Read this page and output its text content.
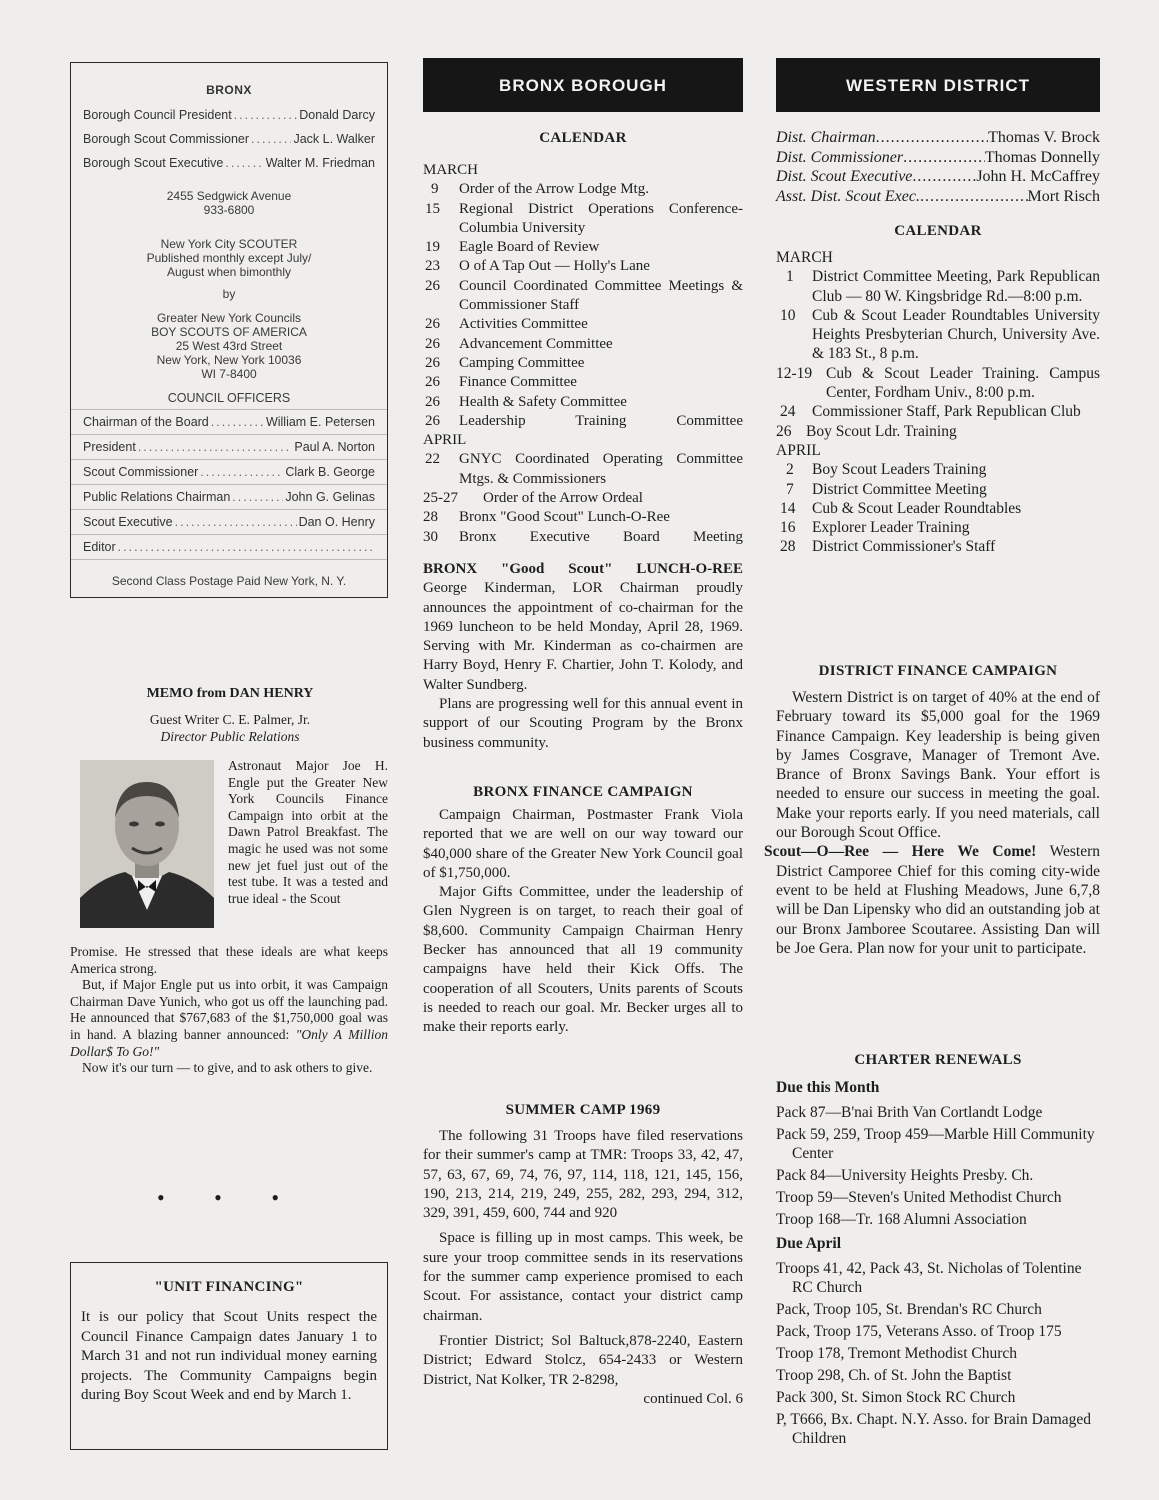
BRONX
Borough Council President .....	Donald Darcy
Borough Scout Commissioner .....	Jack L. Walker
Borough Scout Executive .....	Walter M. Friedman
2455 Sedgwick Avenue
933-6800
New York City SCOUTER
Published monthly except July/
August when bimonthly
by
Greater New York Councils
BOY SCOUTS OF AMERICA
25 West 43rd Street
New York, New York 10036
WI 7-8400
COUNCIL OFFICERS
Chairman of the Board .....	William E. Petersen
President .....	Paul A. Norton
Scout Commissioner .....	Clark B. George
Public Relations Chairman .....	John G. Gelinas
Scout Executive .....	Dan O. Henry
Editor
.....
Second Class Postage Paid New York, N. Y.
MEMO from DAN HENRY
Guest Writer C. E. Palmer, Jr.
Director Public Relations
Astronaut Major Joe H. Engle put the Greater New York Councils Finance Campaign into orbit at the Dawn Patrol Breakfast. The magic he used was not some new jet fuel just out of the test tube. It was a tested and true ideal - the Scout

Promise. He stressed that these ideals are what keeps America strong.

But, if Major Engle put us into orbit, it was Campaign Chairman Dave Yunich, who got us off the launching pad. He announced that $767,683 of the $1,750,000 goal was in hand. A blazing banner announced: "Only A Million Dollar$ To Go!"

Now it's our turn — to give, and to ask others to give.

• • •
"UNIT FINANCING"
It is our policy that Scout Units respect the Council Finance Campaign dates January 1 to March 31 and not run individual money earning projects. The Community Campaigns begin during Boy Scout Week and end by March 1.
BRONX BOROUGH
CALENDAR
MARCH
9	Order of the Arrow Lodge Mtg.
15	Regional District Operations Conference-Columbia University
19	Eagle Board of Review
23	O of A Tap Out — Holly's Lane
26	Council Coordinated Committee Meetings & Commissioner Staff
26	Activities Committee
26	Advancement Committee
26	Camping Committee
26	Finance Committee
26	Health & Safety Committee
26	Leadership Training Committee
APRIL
22	GNYC Coordinated Operating Committee Mtgs. & Commissioners
25-27	Order of the Arrow Ordeal
28	Bronx "Good Scout" Lunch-O-Ree
30	Bronx Executive Board Meeting
BRONX "Good Scout" LUNCH-O-REE

George Kinderman, LOR Chairman proudly announces the appointment of co-chairman for the 1969 luncheon to be held Monday, April 28, 1969. Serving with Mr. Kinderman as co-chairmen are Harry Boyd, Henry F. Chartier, John T. Kolody, and Walter Sundberg.

Plans are progressing well for this annual event in support of our Scouting Program by the Bronx business community.

BRONX FINANCE CAMPAIGN

Campaign Chairman, Postmaster Frank Viola reported that we are well on our way toward our $40,000 share of the Greater New York Council goal of $1,750,000.

Major Gifts Committee, under the leadership of Glen Nygreen is on target, to reach their goal of $8,600. Community Campaign Chairman Henry Becker has announced that all 19 community campaigns have held their Kick Offs. The cooperation of all Scouters, Units parents of Scouts is needed to reach our goal. Mr. Becker urges all to make their reports early.

SUMMER CAMP 1969

The following 31 Troops have filed reservations for their summer's camp at TMR: Troops 33, 42, 47, 57, 63, 67, 69, 74, 76, 97, 114, 118, 121, 145, 156, 190, 213, 214, 219, 249, 255, 282, 293, 294, 312, 329, 391, 459, 600, 744 and 920

Space is filling up in most camps. This week, be sure your troop committee sends in its reservations for the summer camp experience promised to each Scout. For assistance, contact your district camp chairman.

Frontier District; Sol Baltuck,878-2240, Eastern District; Edward Stolcz, 654-2433 or Western District, Nat Kolker, TR 2-8298,

continued Col. 6
WESTERN DISTRICT
Dist. Chairman .....	Thomas V. Brock
Dist. Commissioner .....	Thomas Donnelly
Dist. Scout Executive .....	John H. McCaffrey
Asst. Dist. Scout Exec. .....	Mort Risch
CALENDAR
MARCH
1	District Committee Meeting, Park Republican Club — 80 W. Kingsbridge Rd.—8:00 p.m.
10	Cub & Scout Leader Roundtables University Heights Presbyterian Church, University Ave. & 183 St., 8 p.m.
12-19 Cub & Scout Leader Training. Campus Center, Fordham Univ., 8:00 p.m.
24	Commissioner Staff, Park Republican Club
26 Boy Scout Ldr. Training
APRIL
2	Boy Scout Leaders Training
7	District Committee Meeting
14	Cub & Scout Leader Roundtables
16	Explorer Leader Training
28	District Commissioner's Staff
DISTRICT FINANCE CAMPAIGN

Western District is on target of 40% at the end of February toward its $5,000 goal for the 1969 Finance Campaign. Key leadership is being given by James Cosgrave, Manager of Tremont Ave. Brance of Bronx Savings Bank. Your effort is needed to ensure our success in meeting the goal. Make your reports early. If you need materials, call our Borough Scout Office.

Scout—O—Ree — Here We Come! Western District Camporee Chief for this coming city-wide event to be held at Flushing Meadows, June 6,7,8 will be Dan Lipensky who did an outstanding job at our Bronx Jamboree Scoutaree. Assisting Dan will be Joe Gera. Plan now for your unit to participate.

CHARTER RENEWALS
Due this Month
Pack 87—B'nai Brith Van Cortlandt Lodge
Pack 59, 259, Troop 459—Marble Hill Community Center
Pack 84—University Heights Presby. Ch.
Troop 59—Steven's United Methodist Church
Troop 168—Tr. 168 Alumni Association
Due April
Troops 41, 42, Pack 43, St. Nicholas of Tolentine RC Church
Pack, Troop 105, St. Brendan's RC Church
Pack, Troop 175, Veterans Asso. of Troop 175
Troop 178, Tremont Methodist Church
Troop 298, Ch. of St. John the Baptist
Pack 300, St. Simon Stock RC Church
P, T666, Bx. Chapt. N.Y. Asso. for Brain Damaged Children
